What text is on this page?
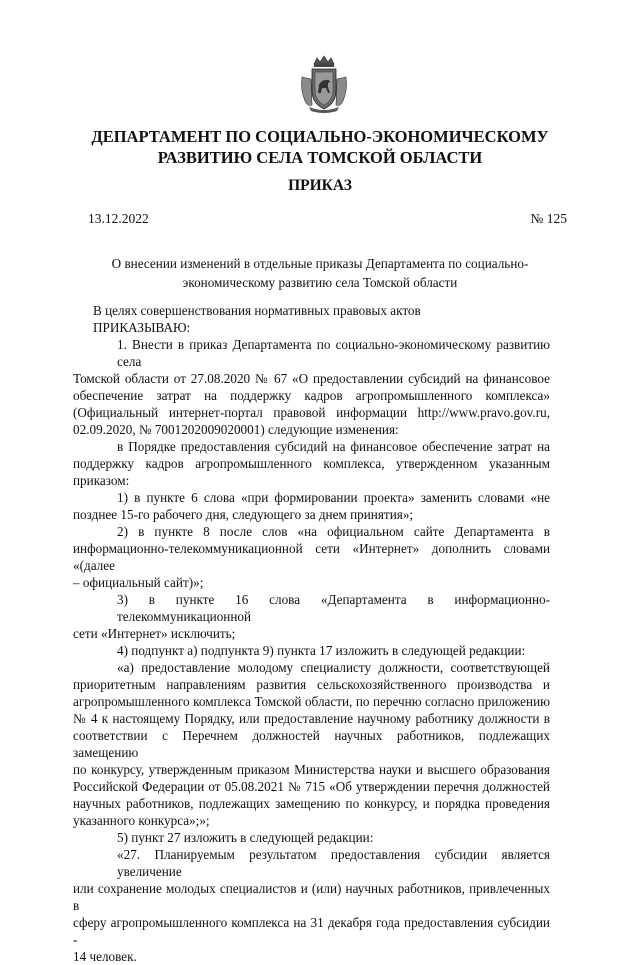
ДЕПАРТАМЕНТ ПО СОЦИАЛЬНО-ЭКОНОМИЧЕСКОМУ
РАЗВИТИЮ СЕЛА ТОМСКОЙ ОБЛАСТИ
ПРИКАЗ
13.12.2022	№ 125
О внесении изменений в отдельные приказы Департамента по социально-
экономическому развитию села Томской области
В целях совершенствования нормативных правовых актов
ПРИКАЗЫВАЮ:
1. Внести в приказ Департамента по социально-экономическому развитию села
Томской области от 27.08.2020 № 67 «О предоставлении субсидий на финансовое
обеспечение затрат на поддержку кадров агропромышленного комплекса»
(Официальный интернет-портал правовой информации http://www.pravo.gov.ru,
02.09.2020, № 7001202009020001) следующие изменения:
в Порядке предоставления субсидий на финансовое обеспечение затрат на
поддержку кадров агропромышленного комплекса, утвержденном указанным
приказом:
1) в пункте 6 слова «при формировании проекта» заменить словами «не
позднее 15-го рабочего дня, следующего за днем принятия»;
2) в пункте 8 после слов «на официальном сайте Департамента в
информационно-телекоммуникационной сети «Интернет» дополнить словами «(далее
– официальный сайт)»;
3) в пункте 16 слова «Департамента в информационно-телекоммуникационной
сети «Интернет» исключить;
4) подпункт а) подпункта 9) пункта 17 изложить в следующей редакции:
«а) предоставление молодому специалисту должности, соответствующей
приоритетным направлениям развития сельскохозяйственного производства и
агропромышленного комплекса Томской области, по перечню согласно приложению
№ 4 к настоящему Порядку, или предоставление научному работнику должности в
соответствии с Перечнем должностей научных работников, подлежащих замещению
по конкурсу, утвержденным приказом Министерства науки и высшего образования
Российской Федерации от 05.08.2021 № 715 «Об утверждении перечня должностей
научных работников, подлежащих замещению по конкурсу, и порядка проведения
указанного конкурса»;»;
5) пункт 27 изложить в следующей редакции:
«27. Планируемым результатом предоставления субсидии является увеличение
или сохранение молодых специалистов и (или) научных работников, привлеченных в
сферу агропромышленного комплекса на 31 декабря года предоставления субсидии -
14 человек.
